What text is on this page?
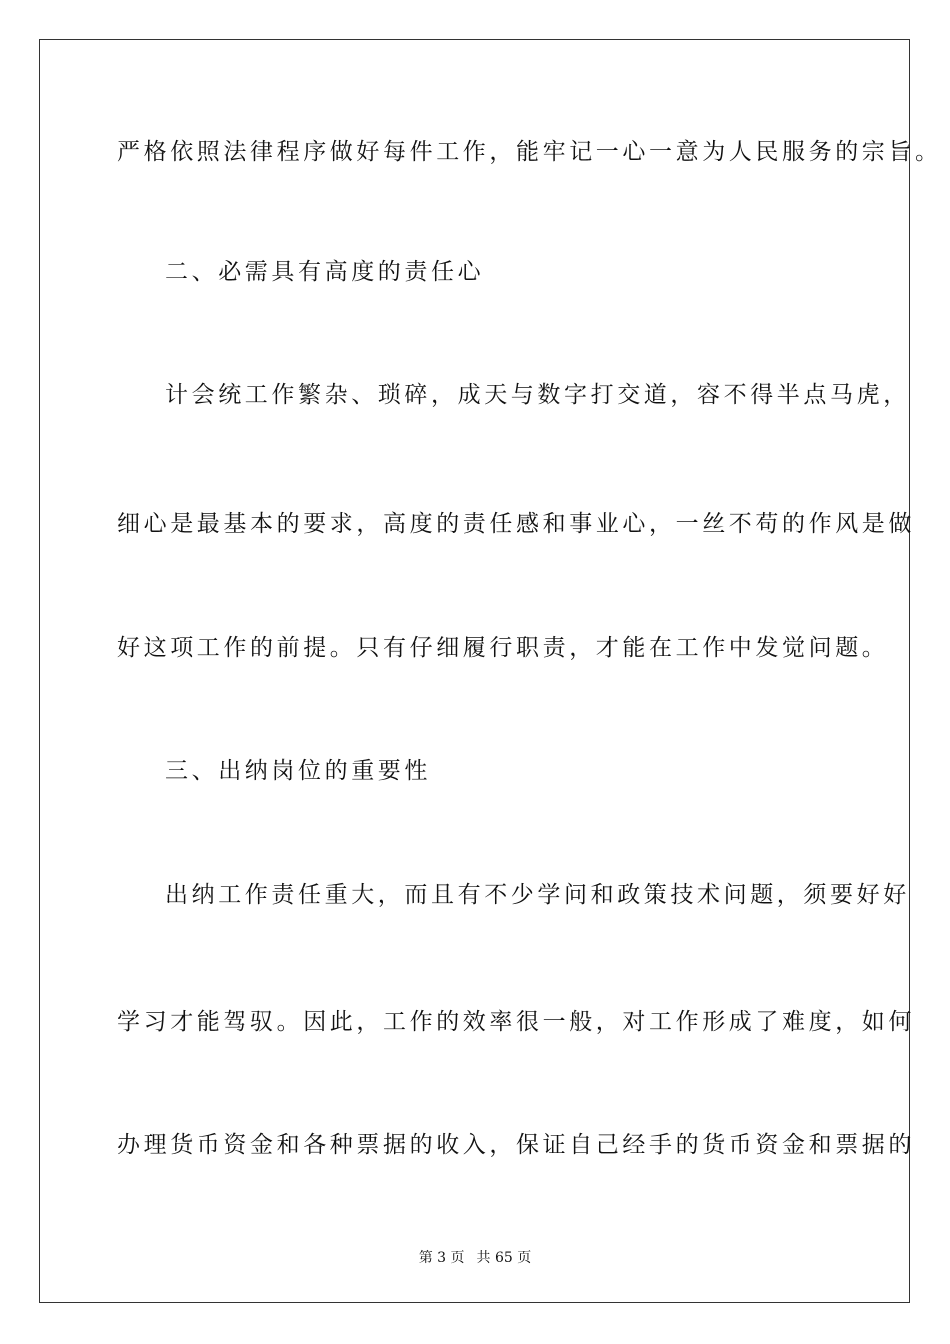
严格依照法律程序做好每件工作，能牢记一心一意为人民服务的宗旨。
二、必需具有高度的责任心
计会统工作繁杂、琐碎，成天与数字打交道，容不得半点马虎，
细心是最基本的要求，高度的责任感和事业心，一丝不苟的作风是做
好这项工作的前提。只有仔细履行职责，才能在工作中发觉问题。
三、出纳岗位的重要性
出纳工作责任重大，而且有不少学问和政策技术问题，须要好好
学习才能驾驭。因此，工作的效率很一般，对工作形成了难度，如何
办理货币资金和各种票据的收入，保证自己经手的货币资金和票据的
第 3 页 共 65 页
